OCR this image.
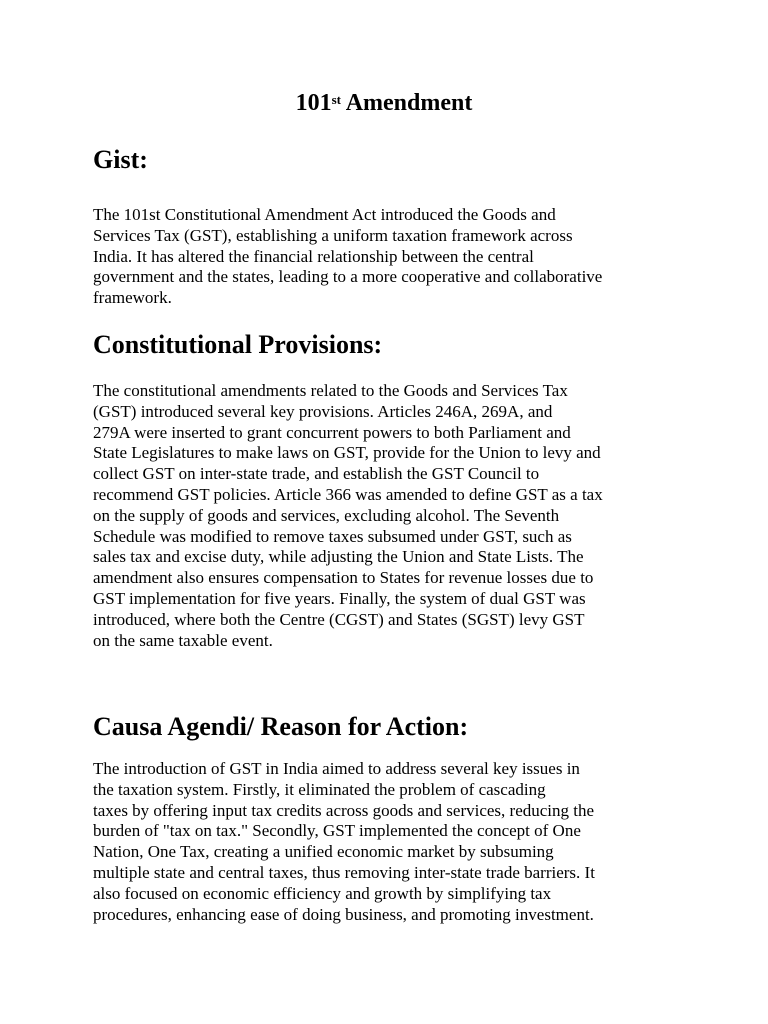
101st Amendment
Gist:
The 101st Constitutional Amendment Act introduced the Goods and
Services Tax (GST), establishing a uniform taxation framework across
India. It has altered the financial relationship between the central
government and the states, leading to a more cooperative and collaborative
framework.
Constitutional Provisions:
The constitutional amendments related to the Goods and Services Tax
(GST) introduced several key provisions. Articles 246A, 269A, and
279A were inserted to grant concurrent powers to both Parliament and
State Legislatures to make laws on GST, provide for the Union to levy and
collect GST on inter-state trade, and establish the GST Council to
recommend GST policies. Article 366 was amended to define GST as a tax
on the supply of goods and services, excluding alcohol. The Seventh
Schedule was modified to remove taxes subsumed under GST, such as
sales tax and excise duty, while adjusting the Union and State Lists. The
amendment also ensures compensation to States for revenue losses due to
GST implementation for five years. Finally, the system of dual GST was
introduced, where both the Centre (CGST) and States (SGST) levy GST
on the same taxable event.
Causa Agendi/ Reason for Action:
The introduction of GST in India aimed to address several key issues in
the taxation system. Firstly, it eliminated the problem of cascading
taxes by offering input tax credits across goods and services, reducing the
burden of "tax on tax." Secondly, GST implemented the concept of One
Nation, One Tax, creating a unified economic market by subsuming
multiple state and central taxes, thus removing inter-state trade barriers. It
also focused on economic efficiency and growth by simplifying tax
procedures, enhancing ease of doing business, and promoting investment.
